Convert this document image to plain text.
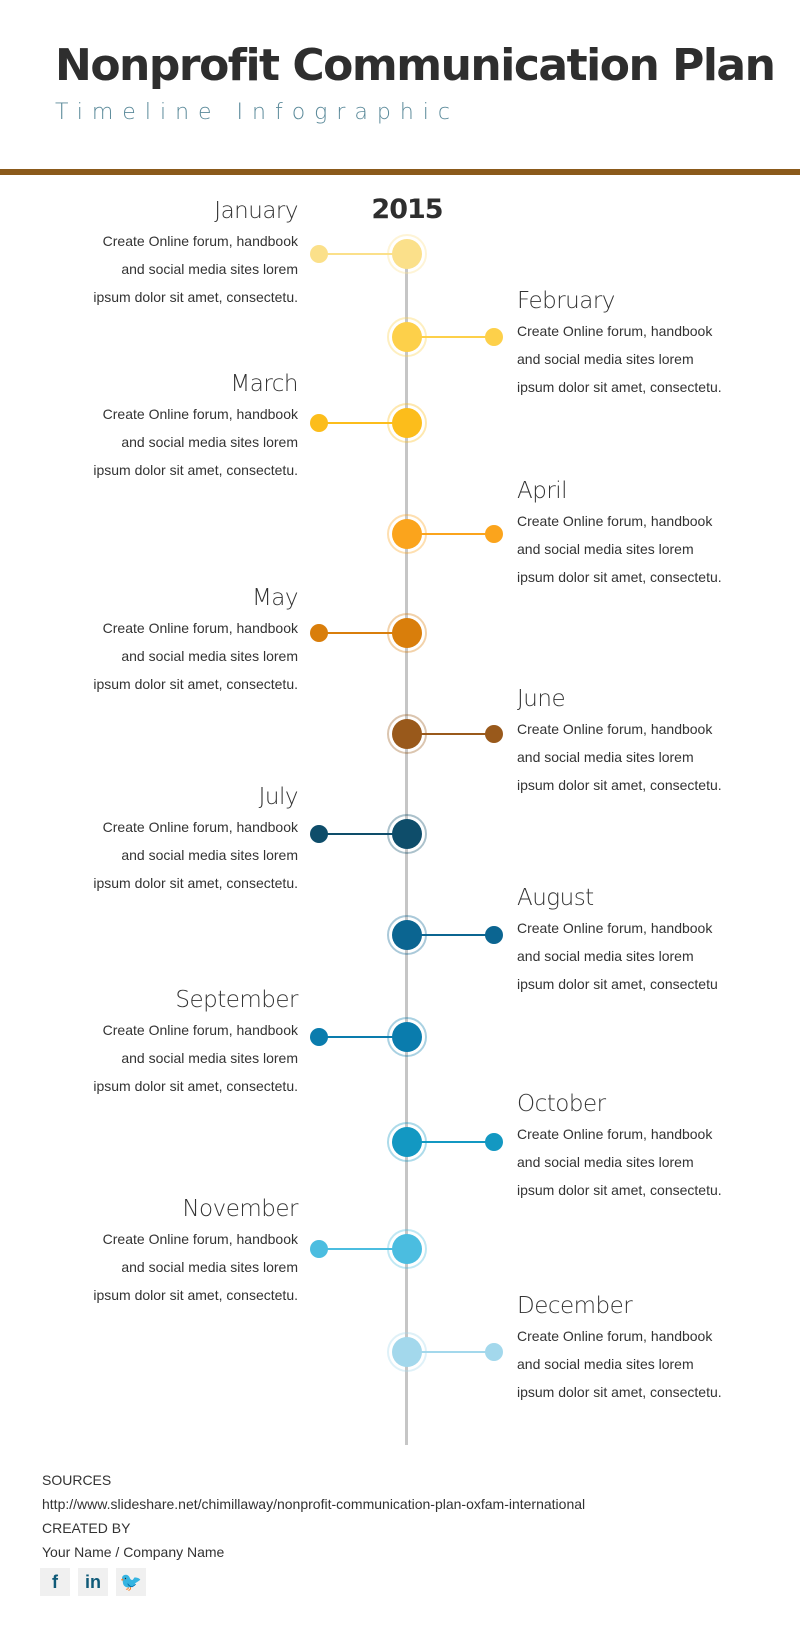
Nonprofit Communication Plan
Timeline Infographic
2015
January
Create Online forum, handbook
and social media sites lorem
ipsum dolor sit amet, consectetu.	February
Create Online forum, handbook
and social media sites lorem
ipsum dolor sit amet, consectetu.
March
Create Online forum, handbook
and social media sites lorem
ipsum dolor sit amet, consectetu.
April
Create Online forum, handbook
and social media sites lorem
ipsum dolor sit amet, consectetu.
May
Create Online forum, handbook
and social media sites lorem
ipsum dolor sit amet, consectetu.
June
Create Online forum, handbook
and social media sites lorem
ipsum dolor sit amet, consectetu.
July
Create Online forum, handbook
and social media sites lorem
ipsum dolor sit amet, consectetu.
August
Create Online forum, handbook
and social media sites lorem
ipsum dolor sit amet, consectetu
September
Create Online forum, handbook
and social media sites lorem
ipsum dolor sit amet, consectetu.
October
Create Online forum, handbook
and social media sites lorem
ipsum dolor sit amet, consectetu.
November
Create Online forum, handbook
and social media sites lorem
ipsum dolor sit amet, consectetu.	December
Create Online forum, handbook
and social media sites lorem
ipsum dolor sit amet, consectetu.
SOURCES
http://www.slideshare.net/chimillaway/nonprofit-communication-plan-oxfam-international
CREATED BY
Your Name / Company Name
f	in	🐦
